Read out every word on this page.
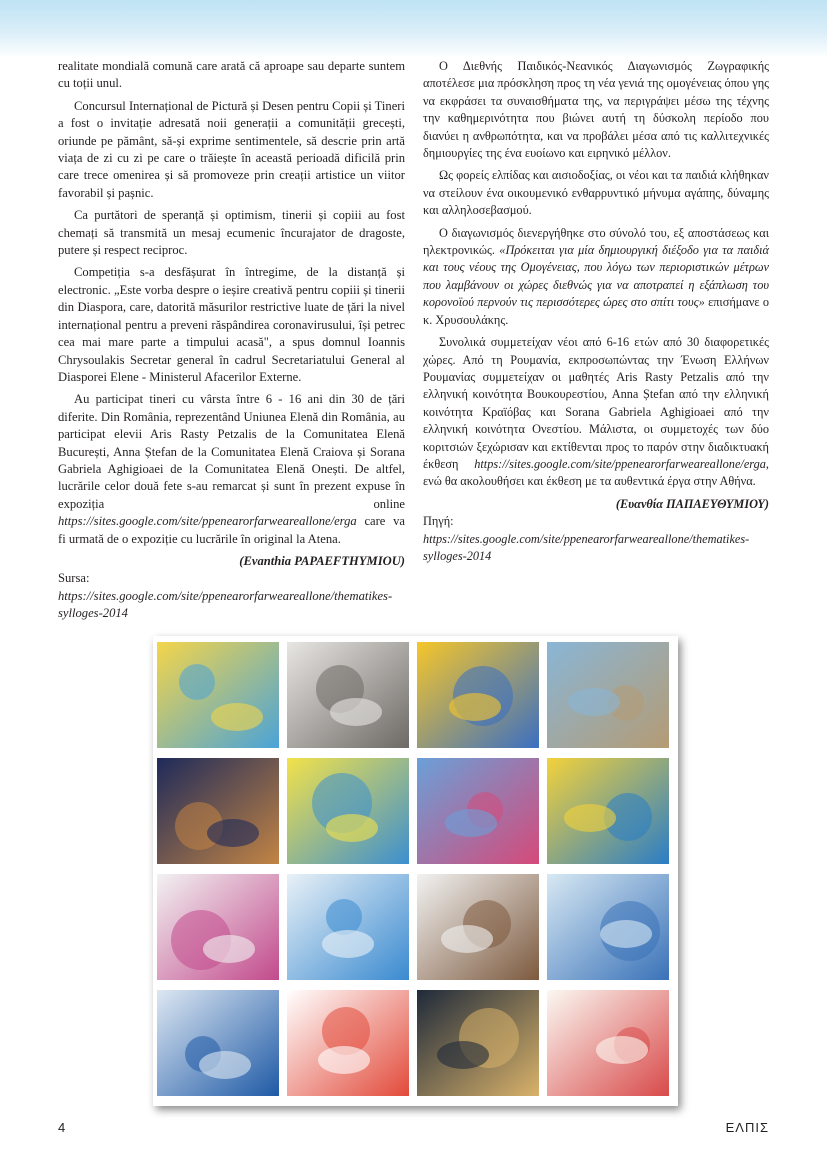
realitate mondială comună care arată că aproape sau departe suntem cu toții unul.

Concursul Internațional de Pictură și Desen pentru Copii și Tineri a fost o invitație adresată noii generații a comunității grecești, oriunde pe pământ, să-și exprime sentimentele, să descrie prin artă viața de zi cu zi pe care o trăiește în această perioadă dificilă prin care trece omenirea și să promoveze prin creații artistice un viitor favorabil și pașnic.

Ca purtători de speranță și optimism, tinerii și copiii au fost chemați să transmită un mesaj ecumenic încurajator de dragoste, putere și respect reciproc.

Competiția s-a desfășurat în întregime, de la distanță și electronic. „Este vorba despre o ieșire creativă pentru copiii și tinerii din Diaspora, care, datorită măsurilor restrictive luate de țări la nivel internațional pentru a preveni răspândirea coronavirusului, își petrec cea mai mare parte a timpului acasă", a spus domnul Ioannis Chrysoulakis Secretar general în cadrul Secretariatului General al Diasporei Elene - Ministerul Afacerilor Externe.

Au participat tineri cu vârsta între 6 - 16 ani din 30 de țări diferite. Din România, reprezentând Uniunea Elenă din România, au participat elevii Aris Rasty Petzalis de la Comunitatea Elenă București, Anna Ștefan de la Comunitatea Elenă Craiova și Sorana Gabriela Aghigioaei de la Comunitatea Elenă Onești. De altfel, lucrările celor două fete s-au remarcat și sunt în prezent expuse în expoziția online https://sites.google.com/site/ppenearorfarweareallone/erga care va fi urmată de o expoziție cu lucrările în original la Atena.

(Evanthia PAPAEFTHYMIOU)

Sursa: https://sites.google.com/site/ppenearorfarweareallone/thematikes-sylloges-2014

Ο Διεθνής Παιδικός-Νεανικός Διαγωνισμός Ζωγραφικής αποτέλεσε μια πρόσκληση προς τη νέα γενιά της ομογένειας όπου γης να εκφράσει τα συναισθήματα της, να περιγράψει μέσω της τέχνης την καθημερινότητα που βιώνει αυτή τη δύσκολη περίοδο που διανύει η ανθρωπότητα, και να προβάλει μέσα από τις καλλιτεχνικές δημιουργίες της ένα ευοίωνο και ειρηνικό μέλλον.

Ως φορείς ελπίδας και αισιοδοξίας, οι νέοι και τα παιδιά κλήθηκαν να στείλουν ένα οικουμενικό ενθαρρυντικό μήνυμα αγάπης, δύναμης και αλληλοσεβασμού.

Ο διαγωνισμός διενεργήθηκε στο σύνολό του, εξ αποστάσεως και ηλεκτρονικώς. «Πρόκειται για μία δημιουργική διέξοδο για τα παιδιά και τους νέους της Ομογένειας, που λόγω των περιοριστικών μέτρων που λαμβάνουν οι χώρες διεθνώς για να αποτραπεί η εξάπλωση του κορονοϊού περνούν τις περισσότερες ώρες στο σπίτι τους» επισήμανε ο κ. Χρυσουλάκης.

Συνολικά συμμετείχαν νέοι από 6-16 ετών από 30 διαφορετικές χώρες. Από τη Ρουμανία, εκπροσωπώντας την Ένωση Ελλήνων Ρουμανίας συμμετείχαν οι μαθητές Aris Rasty Petzalis από την ελληνική κοινότητα Βουκουρεστίου, Anna Ștefan από την ελληνική κοινότητα Κραϊόβας και Sorana Gabriela Aghigioaei από την ελληνική κοινότητα Ονεστίου. Μάλιστα, οι συμμετοχές των δύο κοριτσιών ξεχώρισαν και εκτίθενται προς το παρόν στην διαδικτυακή έκθεση https://sites.google.com/site/ppenearorfarweareallone/erga, ενώ θα ακολουθήσει και έκθεση με τα αυθεντικά έργα στην Αθήνα.

(Ευανθία ΠΑΠΑΕΥΘΥΜΙΟΥ)

Πηγή: https://sites.google.com/site/ppenearorfarweareallone/thematikes-sylloges-2014

4	ΕΛΠΙΣ
